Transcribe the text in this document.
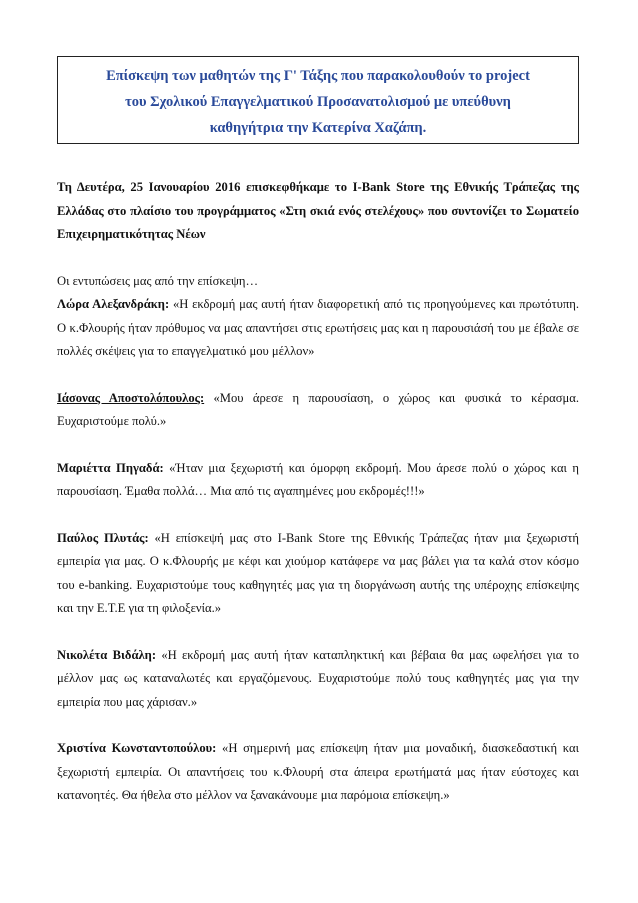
Επίσκεψη των μαθητών της Γ' Τάξης που παρακολουθούν το project

του Σχολικού Επαγγελματικού Προσανατολισμού με υπεύθυνη

καθηγήτρια την Κατερίνα Χαζάπη.

Τη Δευτέρα, 25 Ιανουαρίου 2016 επισκεφθήκαμε το I-Bank Store της Εθνικής Τράπεζας της Ελλάδας στο πλαίσιο του προγράμματος «Στη σκιά ενός στελέχους» που συντονίζει το Σωματείο Επιχειρηματικότητας Νέων

Οι εντυπώσεις μας από την επίσκεψη…

Λώρα Αλεξανδράκη: «Η εκδρομή μας αυτή ήταν διαφορετική από τις προηγούμενες και πρωτότυπη. Ο κ.Φλουρής ήταν πρόθυμος να μας απαντήσει στις ερωτήσεις μας και η παρουσιάσή του με έβαλε σε πολλές σκέψεις για το επαγγελματικό μου μέλλον»

Ιάσονας Αποστολόπουλος: «Μου άρεσε η παρουσίαση, ο χώρος και φυσικά το κέρασμα. Ευχαριστούμε πολύ.»

Μαριέττα Πηγαδά: «Ήταν μια ξεχωριστή και όμορφη εκδρομή. Μου άρεσε πολύ ο χώρος και η παρουσίαση. Έμαθα πολλά… Μια από τις αγαπημένες μου εκδρομές!!!»

Παύλος Πλυτάς: «Η επίσκεψή μας στο I-Bank Store της Εθνικής Τράπεζας ήταν μια ξεχωριστή εμπειρία για μας. Ο κ.Φλουρής με κέφι και χιούμορ κατάφερε να μας βάλει για τα καλά στον κόσμο του e-banking. Ευχαριστούμε τους καθηγητές μας για τη διοργάνωση αυτής της υπέροχης επίσκεψης και την Ε.Τ.Ε για τη φιλοξενία.»

Νικολέτα Βιδάλη: «Η εκδρομή μας αυτή ήταν καταπληκτική και βέβαια θα μας ωφελήσει για το μέλλον μας ως καταναλωτές και εργαζόμενους. Ευχαριστούμε πολύ τους καθηγητές μας για την εμπειρία που μας χάρισαν.»

Χριστίνα Κωνσταντοπούλου: «Η σημερινή μας επίσκεψη ήταν μια μοναδική, διασκεδαστική και ξεχωριστή εμπειρία. Οι απαντήσεις του κ.Φλουρή στα άπειρα ερωτήματά μας ήταν εύστοχες και κατανοητές. Θα ήθελα στο μέλλον να ξανακάνουμε μια παρόμοια επίσκεψη.»
